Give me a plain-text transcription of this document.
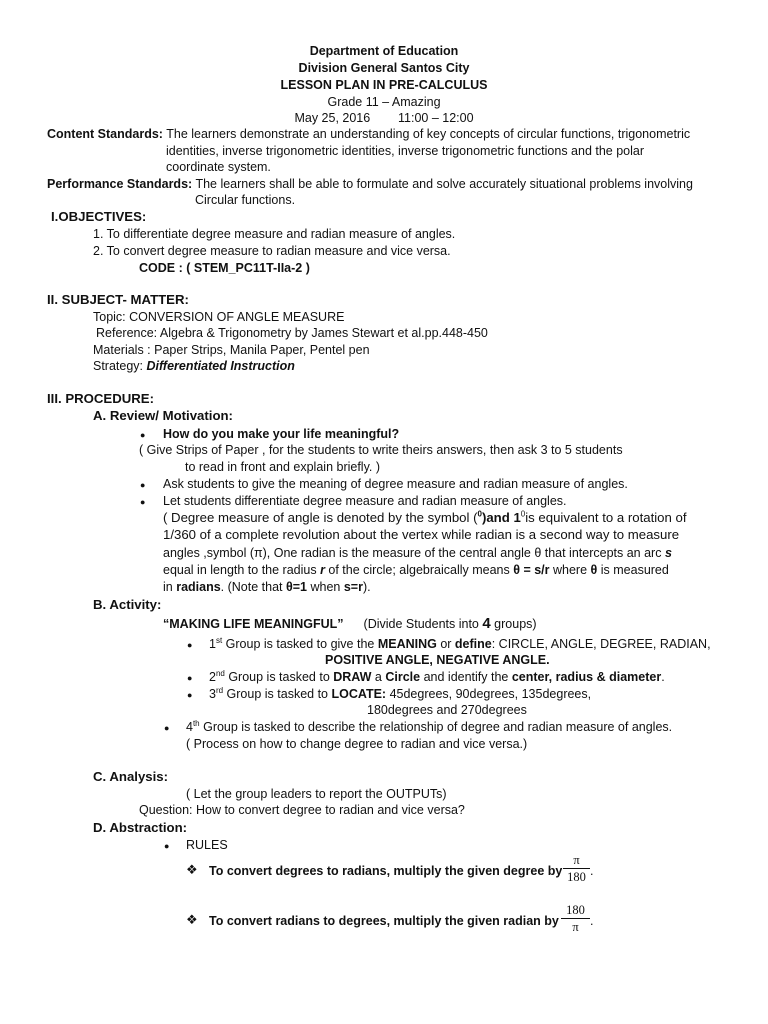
Department of Education
Division General Santos City
LESSON PLAN IN PRE-CALCULUS
Grade 11 – Amazing
May 25, 2016        11:00 – 12:00
Content Standards: The learners demonstrate an understanding of key concepts of circular functions, trigonometric
identities, inverse trigonometric identities, inverse trigonometric functions and the polar
coordinate system.
Performance Standards: The learners shall be able to formulate and solve accurately situational problems involving
Circular functions.
I.OBJECTIVES:
1. To differentiate degree measure and radian measure of angles.
2. To convert degree measure to radian measure and vice versa.
CODE : ( STEM_PC11T-IIa-2 )
II. SUBJECT- MATTER:
Topic: CONVERSION OF ANGLE MEASURE
Reference: Algebra & Trigonometry by James Stewart et al.pp.448-450
Materials : Paper Strips, Manila Paper, Pentel pen
Strategy: Differentiated Instruction
III. PROCEDURE:
A. Review/ Motivation:
● How do you make your life meaningful?
( Give Strips of Paper , for the students to write theirs answers, then ask 3 to 5 students
to read in front and explain briefly. )
● Ask students to give the meaning of degree measure and radian measure of angles.
● Let students differentiate degree measure and radian measure of angles.
( Degree measure of angle is denoted by the symbol ($^0$)and $1^0is$ equivalent to a rotation of
1/360 of a complete revolution about the vertex while radian is a second way to measure
angles ,symbol (π), One radian is the measure of the central angle θ that intercepts an arc s
equal in length to the radius r of the circle; algebraically means θ = s/r where θ is measured
in radians. (Note that θ=1 when s=r).
B. Activity:
“MAKING LIFE MEANINGFUL” (Divide Students into 4 groups)
● 1st Group is tasked to give the MEANING or define: CIRCLE, ANGLE, DEGREE, RADIAN,
POSITIVE ANGLE, NEGATIVE ANGLE.
● 2nd Group is tasked to DRAW a Circle and identify the center, radius & diameter.
● 3rd Group is tasked to LOCATE: 45degrees, 90degrees, 135degrees,
180degrees and 270degrees
● 4th Group is tasked to describe the relationship of degree and radian measure of angles.
( Process on how to change degree to radian and vice versa.)
C. Analysis:
( Let the group leaders to report the OUTPUTs)
Question: How to convert degree to radian and vice versa?
D. Abstraction:
● RULES
❖ To convert degrees to radians, multiply the given degree by
π
180 .
❖ To convert radians to degrees, multiply the given radian by
180
π .
